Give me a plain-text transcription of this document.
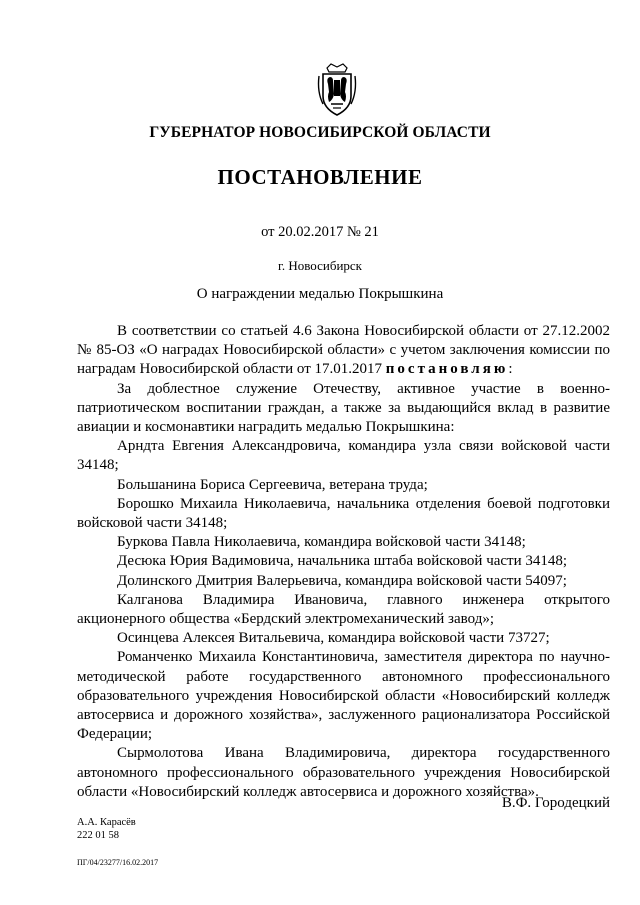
ГУБЕРНАТОР НОВОСИБИРСКОЙ ОБЛАСТИ
ПОСТАНОВЛЕНИЕ
от 20.02.2017 № 21
г. Новосибирск
О награждении медалью Покрышкина

В соответствии со статьей 4.6 Закона Новосибирской области от 27.12.2002 № 85-ОЗ «О наградах Новосибирской области» с учетом заключения комиссии по наградам Новосибирской области от 17.01.2017 постановляю:

За доблестное служение Отечеству, активное участие в военно-патриотическом воспитании граждан, а также за выдающийся вклад в развитие авиации и космонавтики наградить медалью Покрышкина:

Арндта Евгения Александровича, командира узла связи войсковой части 34148;

Большанина Бориса Сергеевича, ветерана труда;

Борошко Михаила Николаевича, начальника отделения боевой подготовки войсковой части 34148;

Буркова Павла Николаевича, командира войсковой части 34148;

Десюка Юрия Вадимовича, начальника штаба войсковой части 34148;

Долинского Дмитрия Валерьевича, командира войсковой части 54097;

Калганова Владимира Ивановича, главного инженера открытого акционерного общества «Бердский электромеханический завод»;

Осинцева Алексея Витальевича, командира войсковой части 73727;

Романченко Михаила Константиновича, заместителя директора по научно-методической работе государственного автономного профессионального образовательного учреждения Новосибирской области «Новосибирский колледж автосервиса и дорожного хозяйства», заслуженного рационализатора Российской Федерации;

Сырмолотова Ивана Владимировича, директора государственного автономного профессионального образовательного учреждения Новосибирской области «Новосибирский колледж автосервиса и дорожного хозяйства».

В.Ф. Городецкий
А.А. Карасёв
222 01 58
ПГ/04/23277/16.02.2017
